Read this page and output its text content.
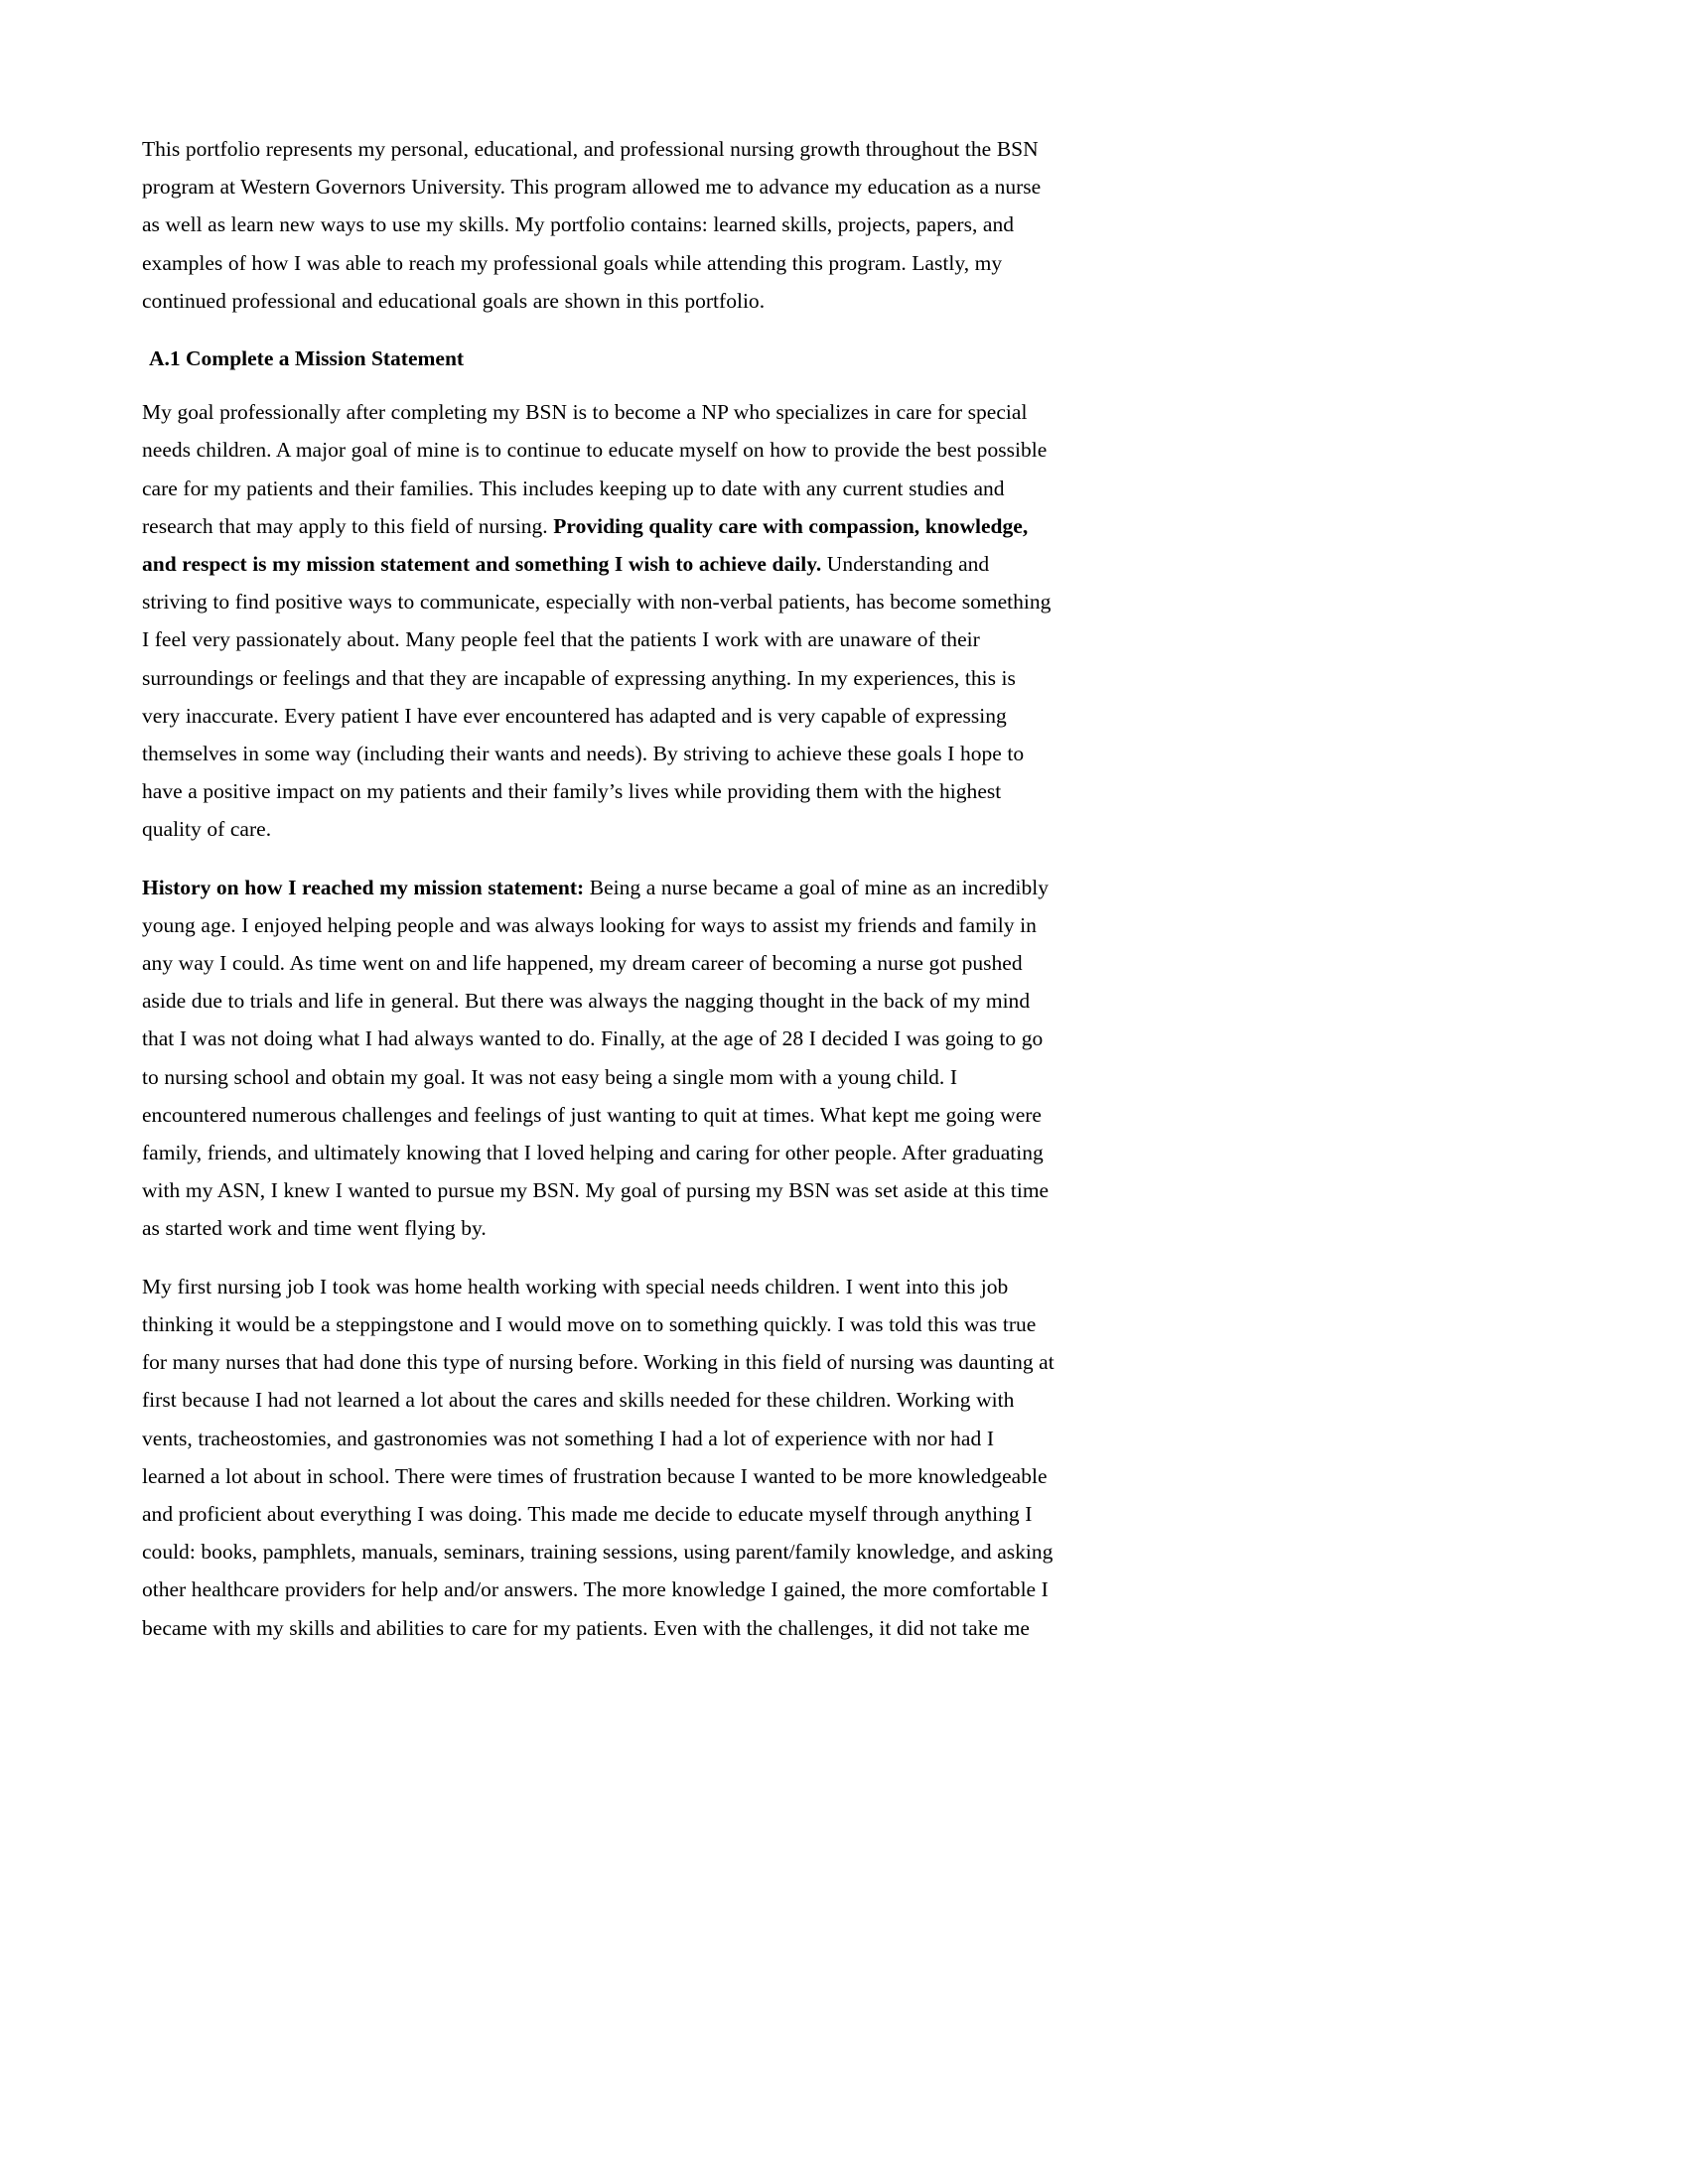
This portfolio represents my personal, educational, and professional nursing growth throughout the BSN program at Western Governors University. This program allowed me to advance my education as a nurse as well as learn new ways to use my skills. My portfolio contains: learned skills, projects, papers, and examples of how I was able to reach my professional goals while attending this program. Lastly, my continued professional and educational goals are shown in this portfolio.

A.1 Complete a Mission Statement

My goal professionally after completing my BSN is to become a NP who specializes in care for special needs children. A major goal of mine is to continue to educate myself on how to provide the best possible care for my patients and their families. This includes keeping up to date with any current studies and research that may apply to this field of nursing. Providing quality care with compassion, knowledge, and respect is my mission statement and something I wish to achieve daily. Understanding and striving to find positive ways to communicate, especially with non-verbal patients, has become something I feel very passionately about. Many people feel that the patients I work with are unaware of their surroundings or feelings and that they are incapable of expressing anything. In my experiences, this is very inaccurate. Every patient I have ever encountered has adapted and is very capable of expressing themselves in some way (including their wants and needs). By striving to achieve these goals I hope to have a positive impact on my patients and their family’s lives while providing them with the highest quality of care.

History on how I reached my mission statement: Being a nurse became a goal of mine as an incredibly young age. I enjoyed helping people and was always looking for ways to assist my friends and family in any way I could. As time went on and life happened, my dream career of becoming a nurse got pushed aside due to trials and life in general. But there was always the nagging thought in the back of my mind that I was not doing what I had always wanted to do. Finally, at the age of 28 I decided I was going to go to nursing school and obtain my goal. It was not easy being a single mom with a young child. I encountered numerous challenges and feelings of just wanting to quit at times. What kept me going were family, friends, and ultimately knowing that I loved helping and caring for other people. After graduating with my ASN, I knew I wanted to pursue my BSN. My goal of pursing my BSN was set aside at this time as started work and time went flying by.

My first nursing job I took was home health working with special needs children. I went into this job thinking it would be a steppingstone and I would move on to something quickly. I was told this was true for many nurses that had done this type of nursing before. Working in this field of nursing was daunting at first because I had not learned a lot about the cares and skills needed for these children. Working with vents, tracheostomies, and gastronomies was not something I had a lot of experience with nor had I learned a lot about in school. There were times of frustration because I wanted to be more knowledgeable and proficient about everything I was doing. This made me decide to educate myself through anything I could: books, pamphlets, manuals, seminars, training sessions, using parent/family knowledge, and asking other healthcare providers for help and/or answers. The more knowledge I gained, the more comfortable I became with my skills and abilities to care for my patients. Even with the challenges, it did not take me
